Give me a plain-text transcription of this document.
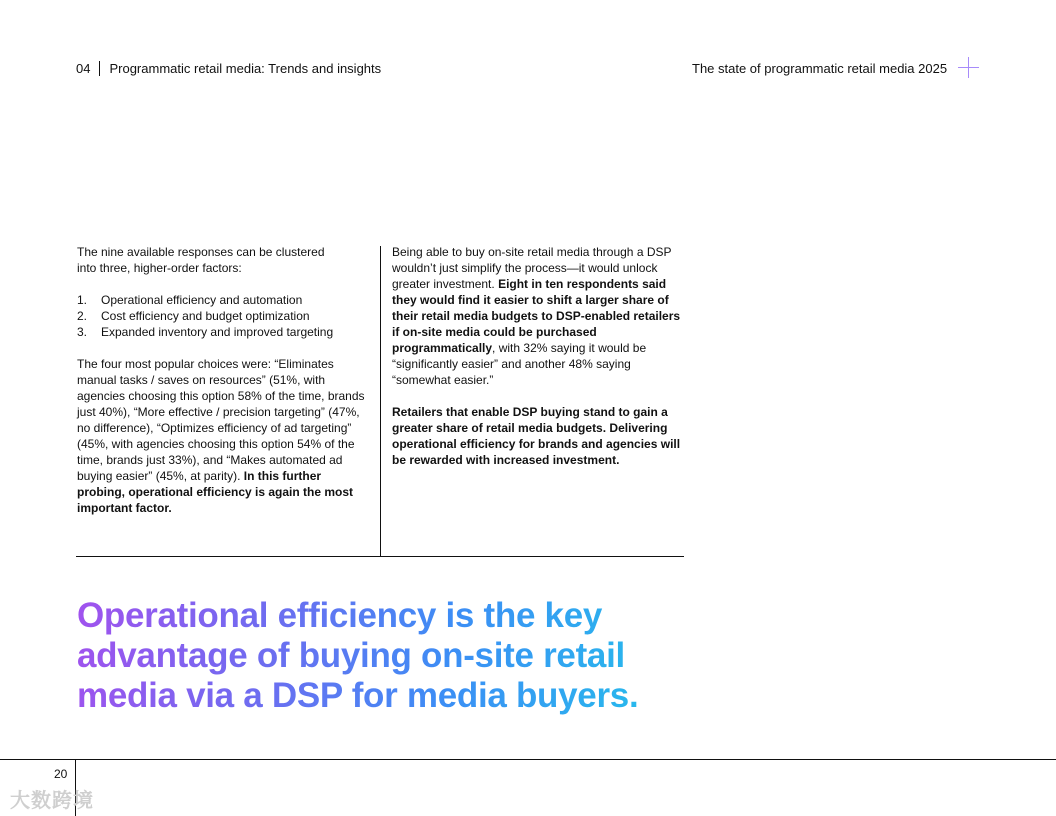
04 Programmatic retail media: Trends and insights	The state of programmatic retail media 2025

The nine available responses can be clustered into three, higher-order factors:

1.	Operational efficiency and automation
2.	Cost efficiency and budget optimization
3.	Expanded inventory and improved targeting

The four most popular choices were: “Eliminates manual tasks / saves on resources” (51%, with agencies choosing this option 58% of the time, brands just 40%), “More effective / precision targeting” (47%, no difference), “Optimizes efficiency of ad targeting” (45%, with agencies choosing this option 54% of the time, brands just 33%), and “Makes automated ad buying easier” (45%, at parity). In this further probing, operational efficiency is again the most important factor.

Being able to buy on-site retail media through a DSP wouldn’t just simplify the process—it would unlock greater investment. Eight in ten respondents said they would find it easier to shift a larger share of their retail media budgets to DSP-enabled retailers if on-site media could be purchased programmatically, with 32% saying it would be “significantly easier” and another 48% saying “somewhat easier.”

Retailers that enable DSP buying stand to gain a greater share of retail media budgets. Delivering operational efficiency for brands and agencies will be rewarded with increased investment.

Operational efficiency is the key advantage of buying on-site retail media via a DSP for media buyers.
20
大数跨境
